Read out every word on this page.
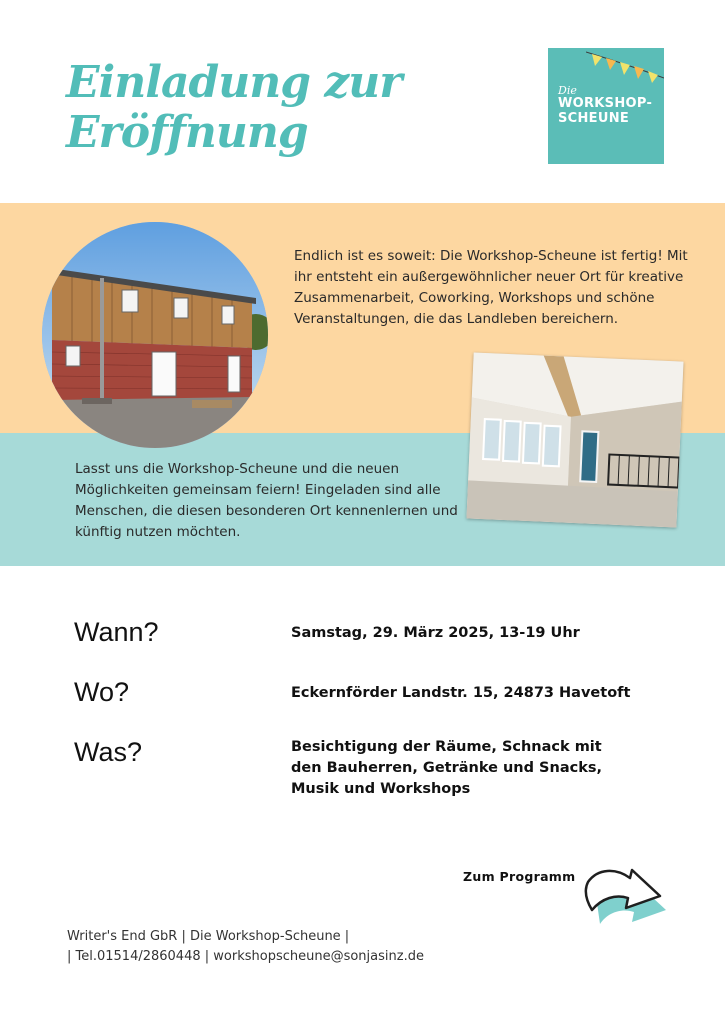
Einladung zur
Eröffnung
Die
WORKSHOP-
SCHEUNE
Endlich ist es soweit: Die Workshop-Scheune ist fertig! Mit ihr entsteht ein außergewöhnlicher neuer Ort für kreative Zusammenarbeit, Coworking, Workshops und schöne Veranstaltungen, die das Landleben bereichern.
Lasst uns die Workshop-Scheune und die neuen Möglichkeiten gemeinsam feiern! Eingeladen sind alle Menschen, die diesen besonderen Ort kennenlernen und künftig nutzen möchten.
Wann?	Samstag, 29. März 2025, 13-19 Uhr
Wo?	Eckernförder Landstr. 15, 24873 Havetoft
Was?	Besichtigung der Räume, Schnack mit den Bauherren, Getränke und Snacks, Musik und Workshops
Zum Programm
Writer's End GbR | Die Workshop-Scheune |
| Tel.01514/2860448 | workshopscheune@sonjasinz.de
